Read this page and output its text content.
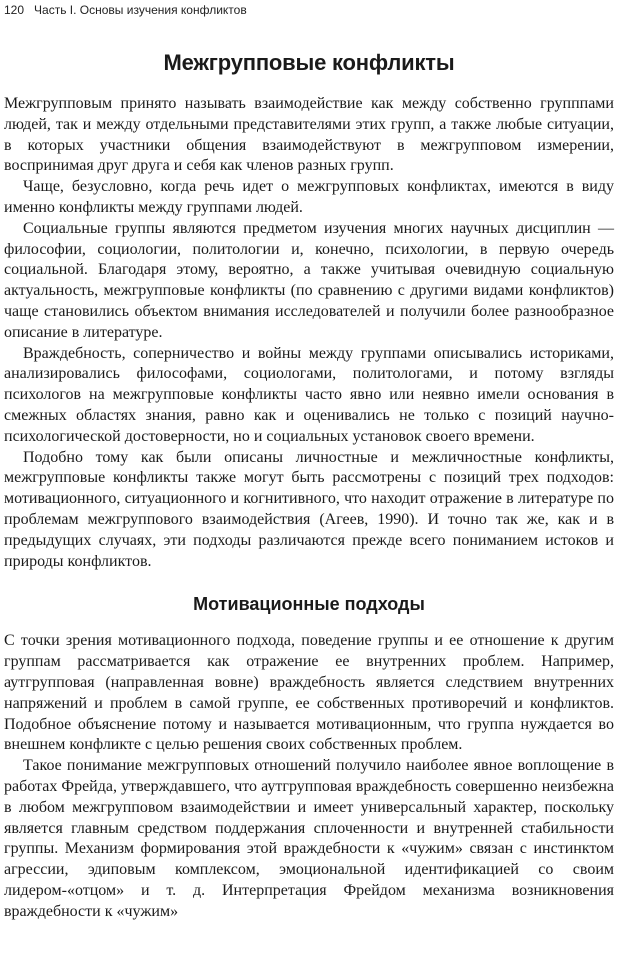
120 Часть I. Основы изучения конфликтов
Межгрупповые конфликты

Межгрупповым принято называть взаимодействие как между собственно групппами людей, так и между отдельными представителями этих групп, а также любые ситуации, в которых участники общения взаимодействуют в межгрупповом измерении, воспринимая друг друга и себя как членов разных групп.

Чаще, безусловно, когда речь идет о межгрупповых конфликтах, имеются в виду именно конфликты между группами людей.

Социальные группы являются предметом изучения многих научных дисциплин — философии, социологии, политологии и, конечно, психологии, в первую очередь социальной. Благодаря этому, вероятно, а также учитывая очевидную социальную актуальность, межгрупповые конфликты (по сравнению с другими видами конфликтов) чаще становились объектом внимания исследователей и получили более разнообразное описание в литературе.

Враждебность, соперничество и войны между группами описывались историками, анализировались философами, социологами, политологами, и потому взгляды психологов на межгрупповые конфликты часто явно или неявно имели основания в смежных областях знания, равно как и оценивались не только с позиций научно-психологической достоверности, но и социальных установок своего времени.

Подобно тому как были описаны личностные и межличностные конфликты, межгрупповые конфликты также могут быть рассмотрены с позиций трех подходов: мотивационного, ситуационного и когнитивного, что находит отражение в литературе по проблемам межгруппового взаимодействия (Агеев, 1990). И точно так же, как и в предыдущих случаях, эти подходы различаются прежде всего пониманием истоков и природы конфликтов.

Мотивационные подходы

С точки зрения мотивационного подхода, поведение группы и ее отношение к другим группам рассматривается как отражение ее внутренних проблем. Например, аутгрупповая (направленная вовне) враждебность является следствием внутренних напряжений и проблем в самой группе, ее собственных противоречий и конфликтов. Подобное объяснение потому и называется мотивационным, что группа нуждается во внешнем конфликте с целью решения своих собственных проблем.

Такое понимание межгрупповых отношений получило наиболее явное воплощение в работах Фрейда, утверждавшего, что аутгрупповая враждебность совершенно неизбежна в любом межгрупповом взаимодействии и имеет универсальный характер, поскольку является главным средством поддержания сплоченности и внутренней стабильности группы. Механизм формирования этой враждебности к «чужим» связан с инстинктом агрессии, эдиповым комплексом, эмоциональной идентификацией со своим лидером-«отцом» и т. д. Интерпретация Фрейдом механизма возникновения враждебности к «чужим»
